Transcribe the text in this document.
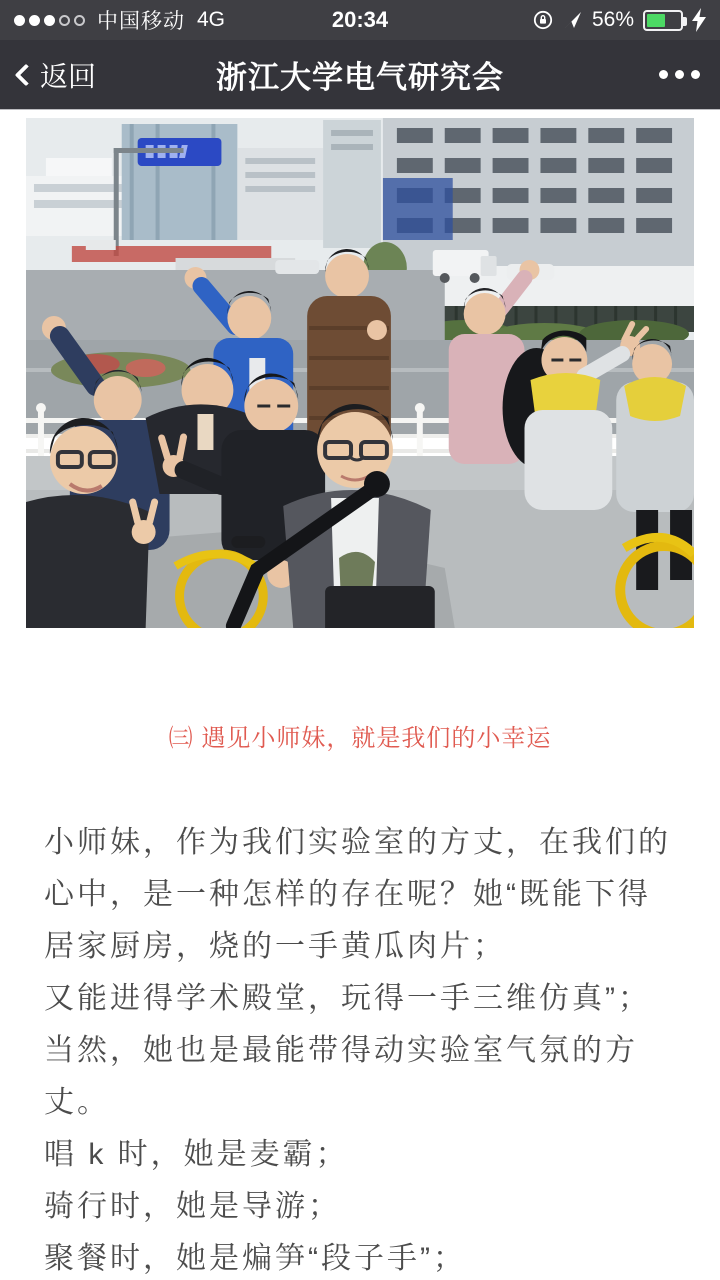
中国移动 4G	20:34	56%
返回	浙江大学电气研究会
㈢ 遇见小师妹，就是我们的小幸运
小师妹，作为我们实验室的方丈，在我们的
心中，是一种怎样的存在呢？她“既能下得
居家厨房，烧的一手黄瓜肉片；
又能进得学术殿堂，玩得一手三维仿真”；
当然，她也是最能带得动实验室气氛的方
丈。
唱 k 时，她是麦霸；
骑行时，她是导游；
聚餐时，她是煸笋“段子手”；
